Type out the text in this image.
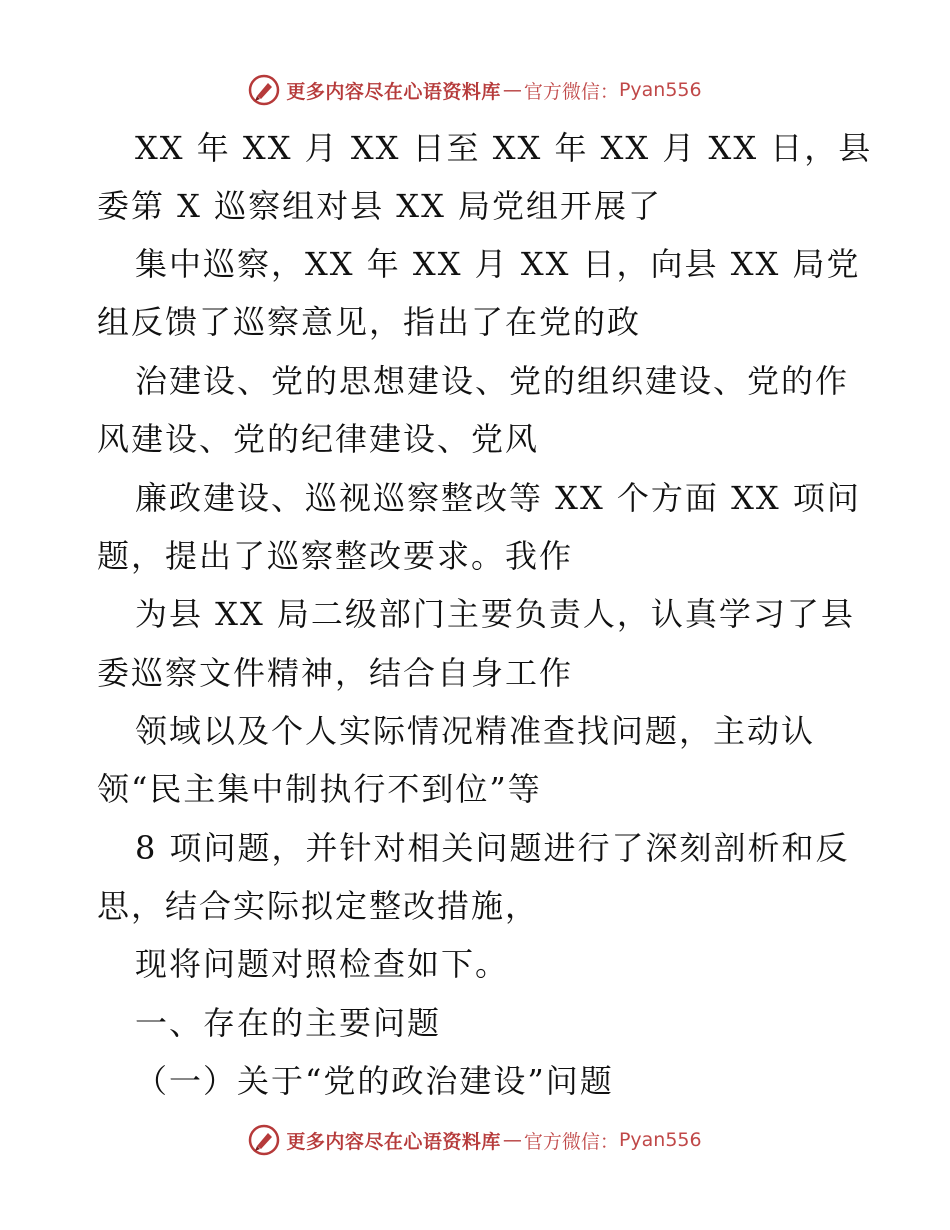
更多内容尽在心语资料库 — 官方微信： Pyan556
XX 年 XX 月 XX 日至 XX 年 XX 月 XX 日，县
委第 X 巡察组对县 XX 局党组开展了
集中巡察，XX 年 XX 月 XX 日，向县 XX 局党
组反馈了巡察意见，指出了在党的政
治建设、党的思想建设、党的组织建设、党的作
风建设、党的纪律建设、党风
廉政建设、巡视巡察整改等 XX 个方面 XX 项问
题，提出了巡察整改要求。我作
为县 XX 局二级部门主要负责人，认真学习了县
委巡察文件精神，结合自身工作
领域以及个人实际情况精准查找问题，主动认
领“民主集中制执行不到位”等
8 项问题，并针对相关问题进行了深刻剖析和反
思，结合实际拟定整改措施，
现将问题对照检查如下。
一、存在的主要问题
（一）关于“党的政治建设”问题
更多内容尽在心语资料库 — 官方微信： Pyan556
